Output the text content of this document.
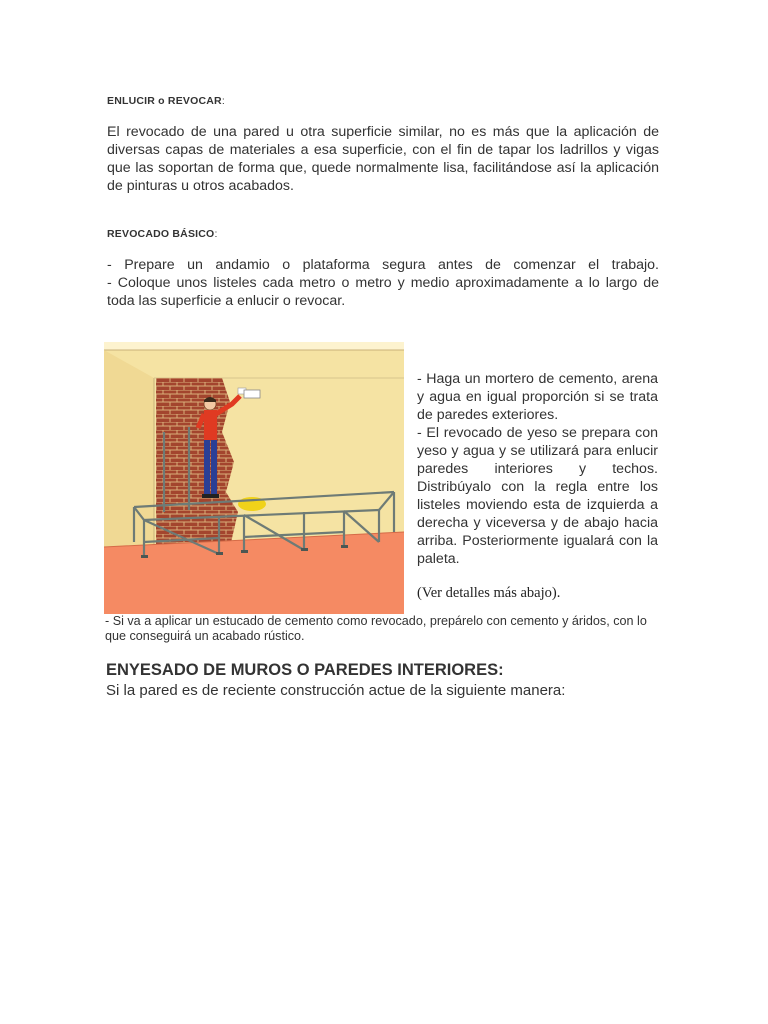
ENLUCIR o REVOCAR:
El revocado de una pared u otra superficie similar, no es más que la aplicación de diversas capas de materiales a esa superficie, con el fin de tapar los ladrillos y vigas que las soportan de forma que, quede normalmente lisa, facilitándose así la aplicación de pinturas u otros acabados.
REVOCADO BÁSICO:
- Prepare un andamio o plataforma segura antes de comenzar el trabajo.
- Coloque unos listeles cada metro o metro y medio aproximadamente a lo largo de toda las superficie a enlucir o revocar.
- Haga un mortero de cemento, arena y agua en igual proporción si se trata de paredes exteriores.
- El revocado de yeso se prepara con yeso y agua y se utilizará para enlucir paredes interiores y techos. Distribúyalo con la regla entre los listeles moviendo esta de izquierda a derecha y viceversa y de abajo hacia arriba. Posteriormente igualará con la paleta.
(Ver detalles más abajo).
- Si va a aplicar un estucado de cemento como revocado, prepárelo con cemento y áridos, con lo que conseguirá un acabado rústico.
ENYESADO DE MUROS O PAREDES INTERIORES:
Si la pared es de reciente construcción actue de la siguiente manera:
